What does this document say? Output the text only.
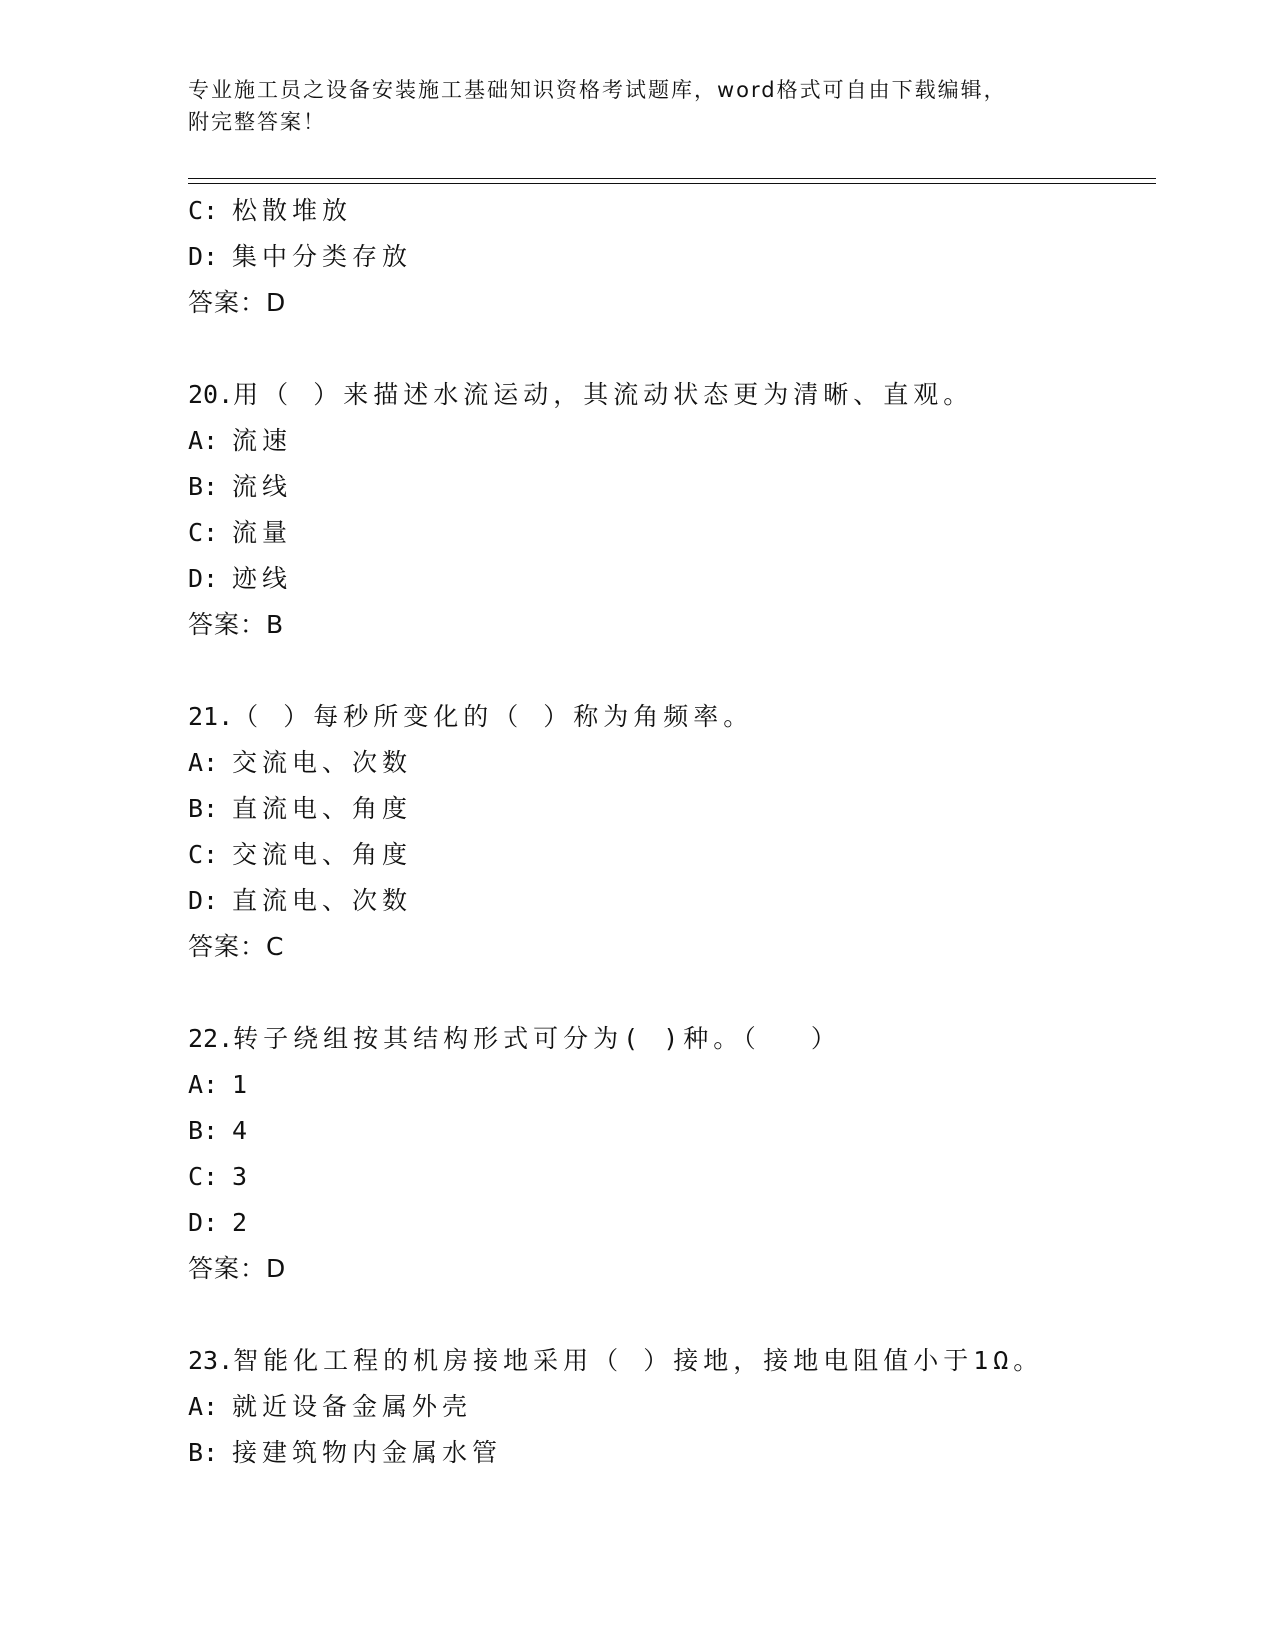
专业施工员之设备安装施工基础知识资格考试题库，word格式可自由下载编辑，
附完整答案！
C: 松散堆放
D: 集中分类存放
答案：D
20.用（ ）来描述水流运动，其流动状态更为清晰、直观。
A: 流速
B: 流线
C: 流量
D: 迹线
答案：B
21.（ ）每秒所变化的（ ）称为角频率。
A: 交流电、次数
B: 直流电、角度
C: 交流电、角度
D: 直流电、次数
答案：C
22.转子绕组按其结构形式可分为( )种。（　 ）
A: 1
B: 4
C: 3
D: 2
答案：D
23.智能化工程的机房接地采用（ ）接地，接地电阻值小于1Ω。
A: 就近设备金属外壳
B: 接建筑物内金属水管
